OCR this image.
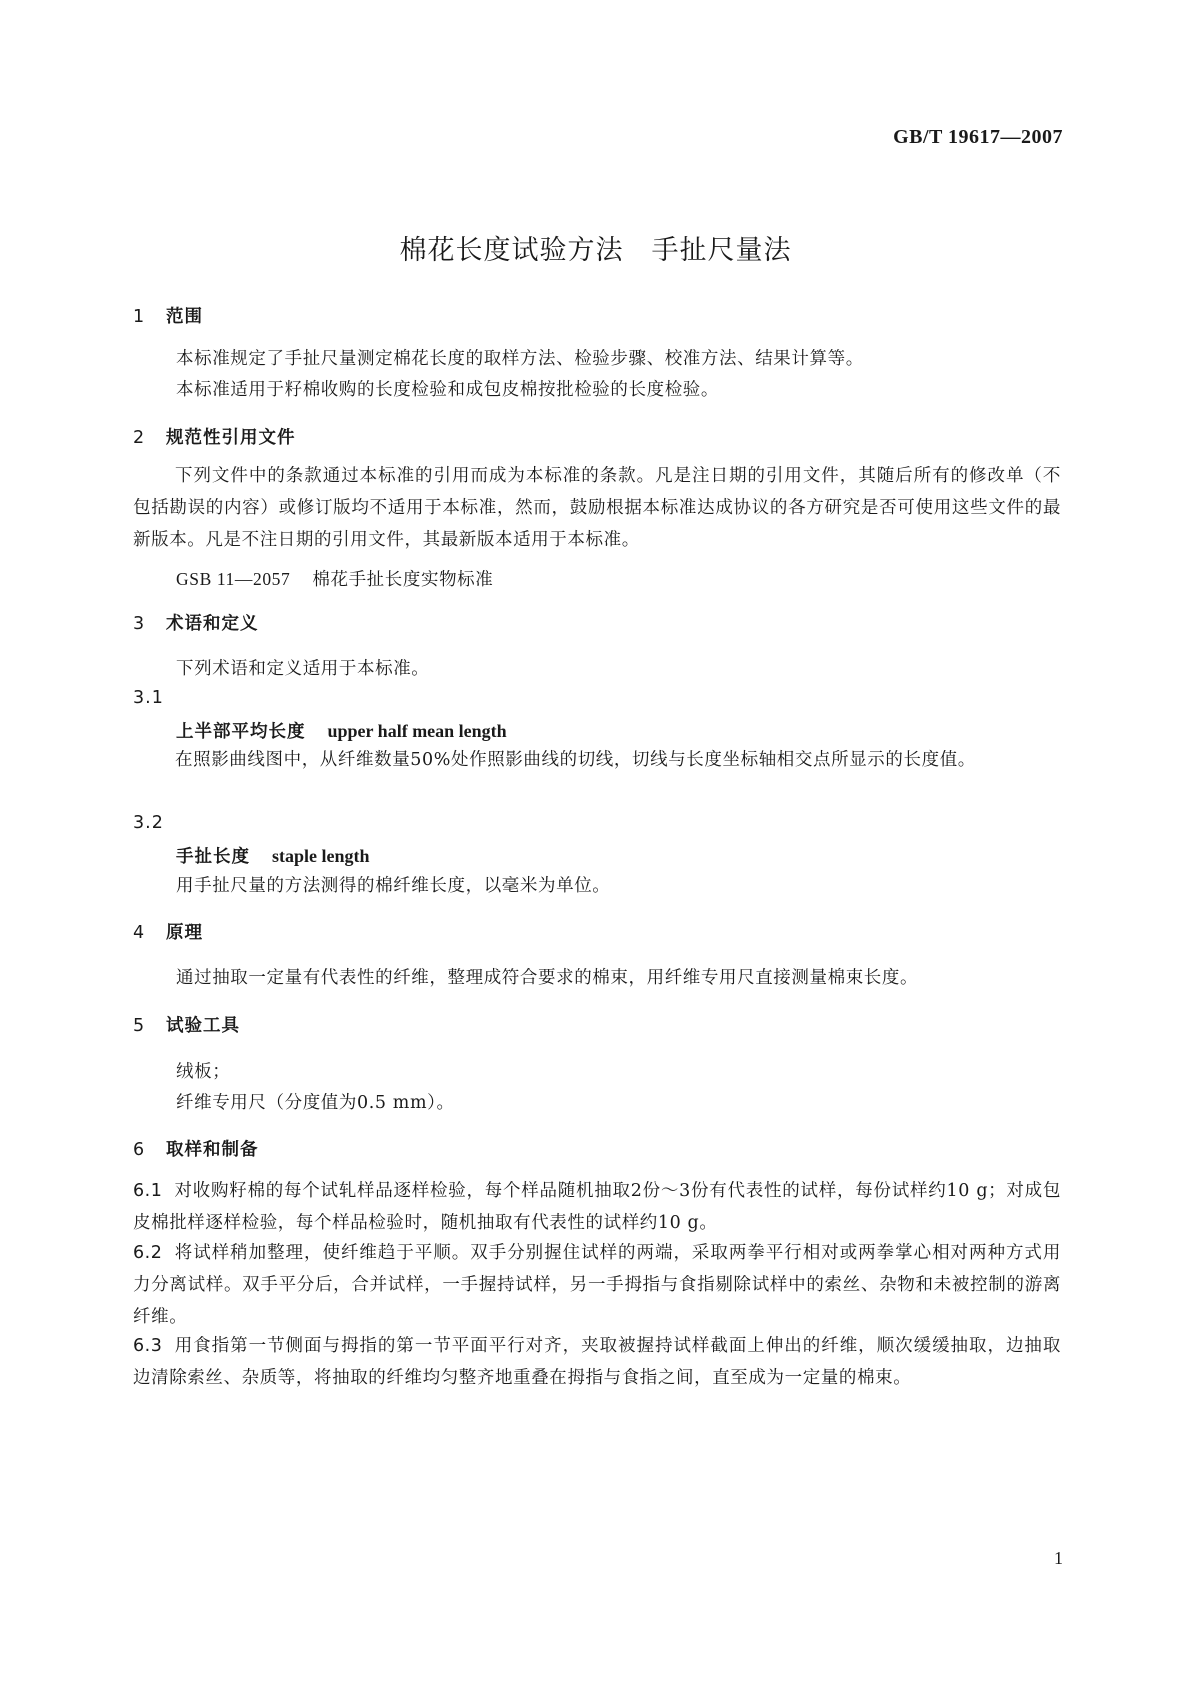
GB/T 19617—2007
棉花长度试验方法　手扯尺量法
1 范围
本标准规定了手扯尺量测定棉花长度的取样方法、检验步骤、校准方法、结果计算等。
本标准适用于籽棉收购的长度检验和成包皮棉按批检验的长度检验。
2 规范性引用文件
下列文件中的条款通过本标准的引用而成为本标准的条款。凡是注日期的引用文件，其随后所有的修改单（不包括勘误的内容）或修订版均不适用于本标准，然而，鼓励根据本标准达成协议的各方研究是否可使用这些文件的最新版本。凡是不注日期的引用文件，其最新版本适用于本标准。
GSB 11—2057 棉花手扯长度实物标准
3 术语和定义
下列术语和定义适用于本标准。
3.1
上半部平均长度 upper half mean length
在照影曲线图中，从纤维数量50%处作照影曲线的切线，切线与长度坐标轴相交点所显示的长度值。
3.2
手扯长度 staple length
用手扯尺量的方法测得的棉纤维长度，以毫米为单位。
4 原理
通过抽取一定量有代表性的纤维，整理成符合要求的棉束，用纤维专用尺直接测量棉束长度。
5 试验工具
绒板；
纤维专用尺（分度值为0.5 mm）。
6 取样和制备
6.1 对收购籽棉的每个试轧样品逐样检验，每个样品随机抽取2份～3份有代表性的试样，每份试样约10 g；对成包皮棉批样逐样检验，每个样品检验时，随机抽取有代表性的试样约10 g。
6.2 将试样稍加整理，使纤维趋于平顺。双手分别握住试样的两端，采取两拳平行相对或两拳掌心相对两种方式用力分离试样。双手平分后，合并试样，一手握持试样，另一手拇指与食指剔除试样中的索丝、杂物和未被控制的游离纤维。
6.3 用食指第一节侧面与拇指的第一节平面平行对齐，夹取被握持试样截面上伸出的纤维，顺次缓缓抽取，边抽取边清除索丝、杂质等，将抽取的纤维均匀整齐地重叠在拇指与食指之间，直至成为一定量的棉束。
1
